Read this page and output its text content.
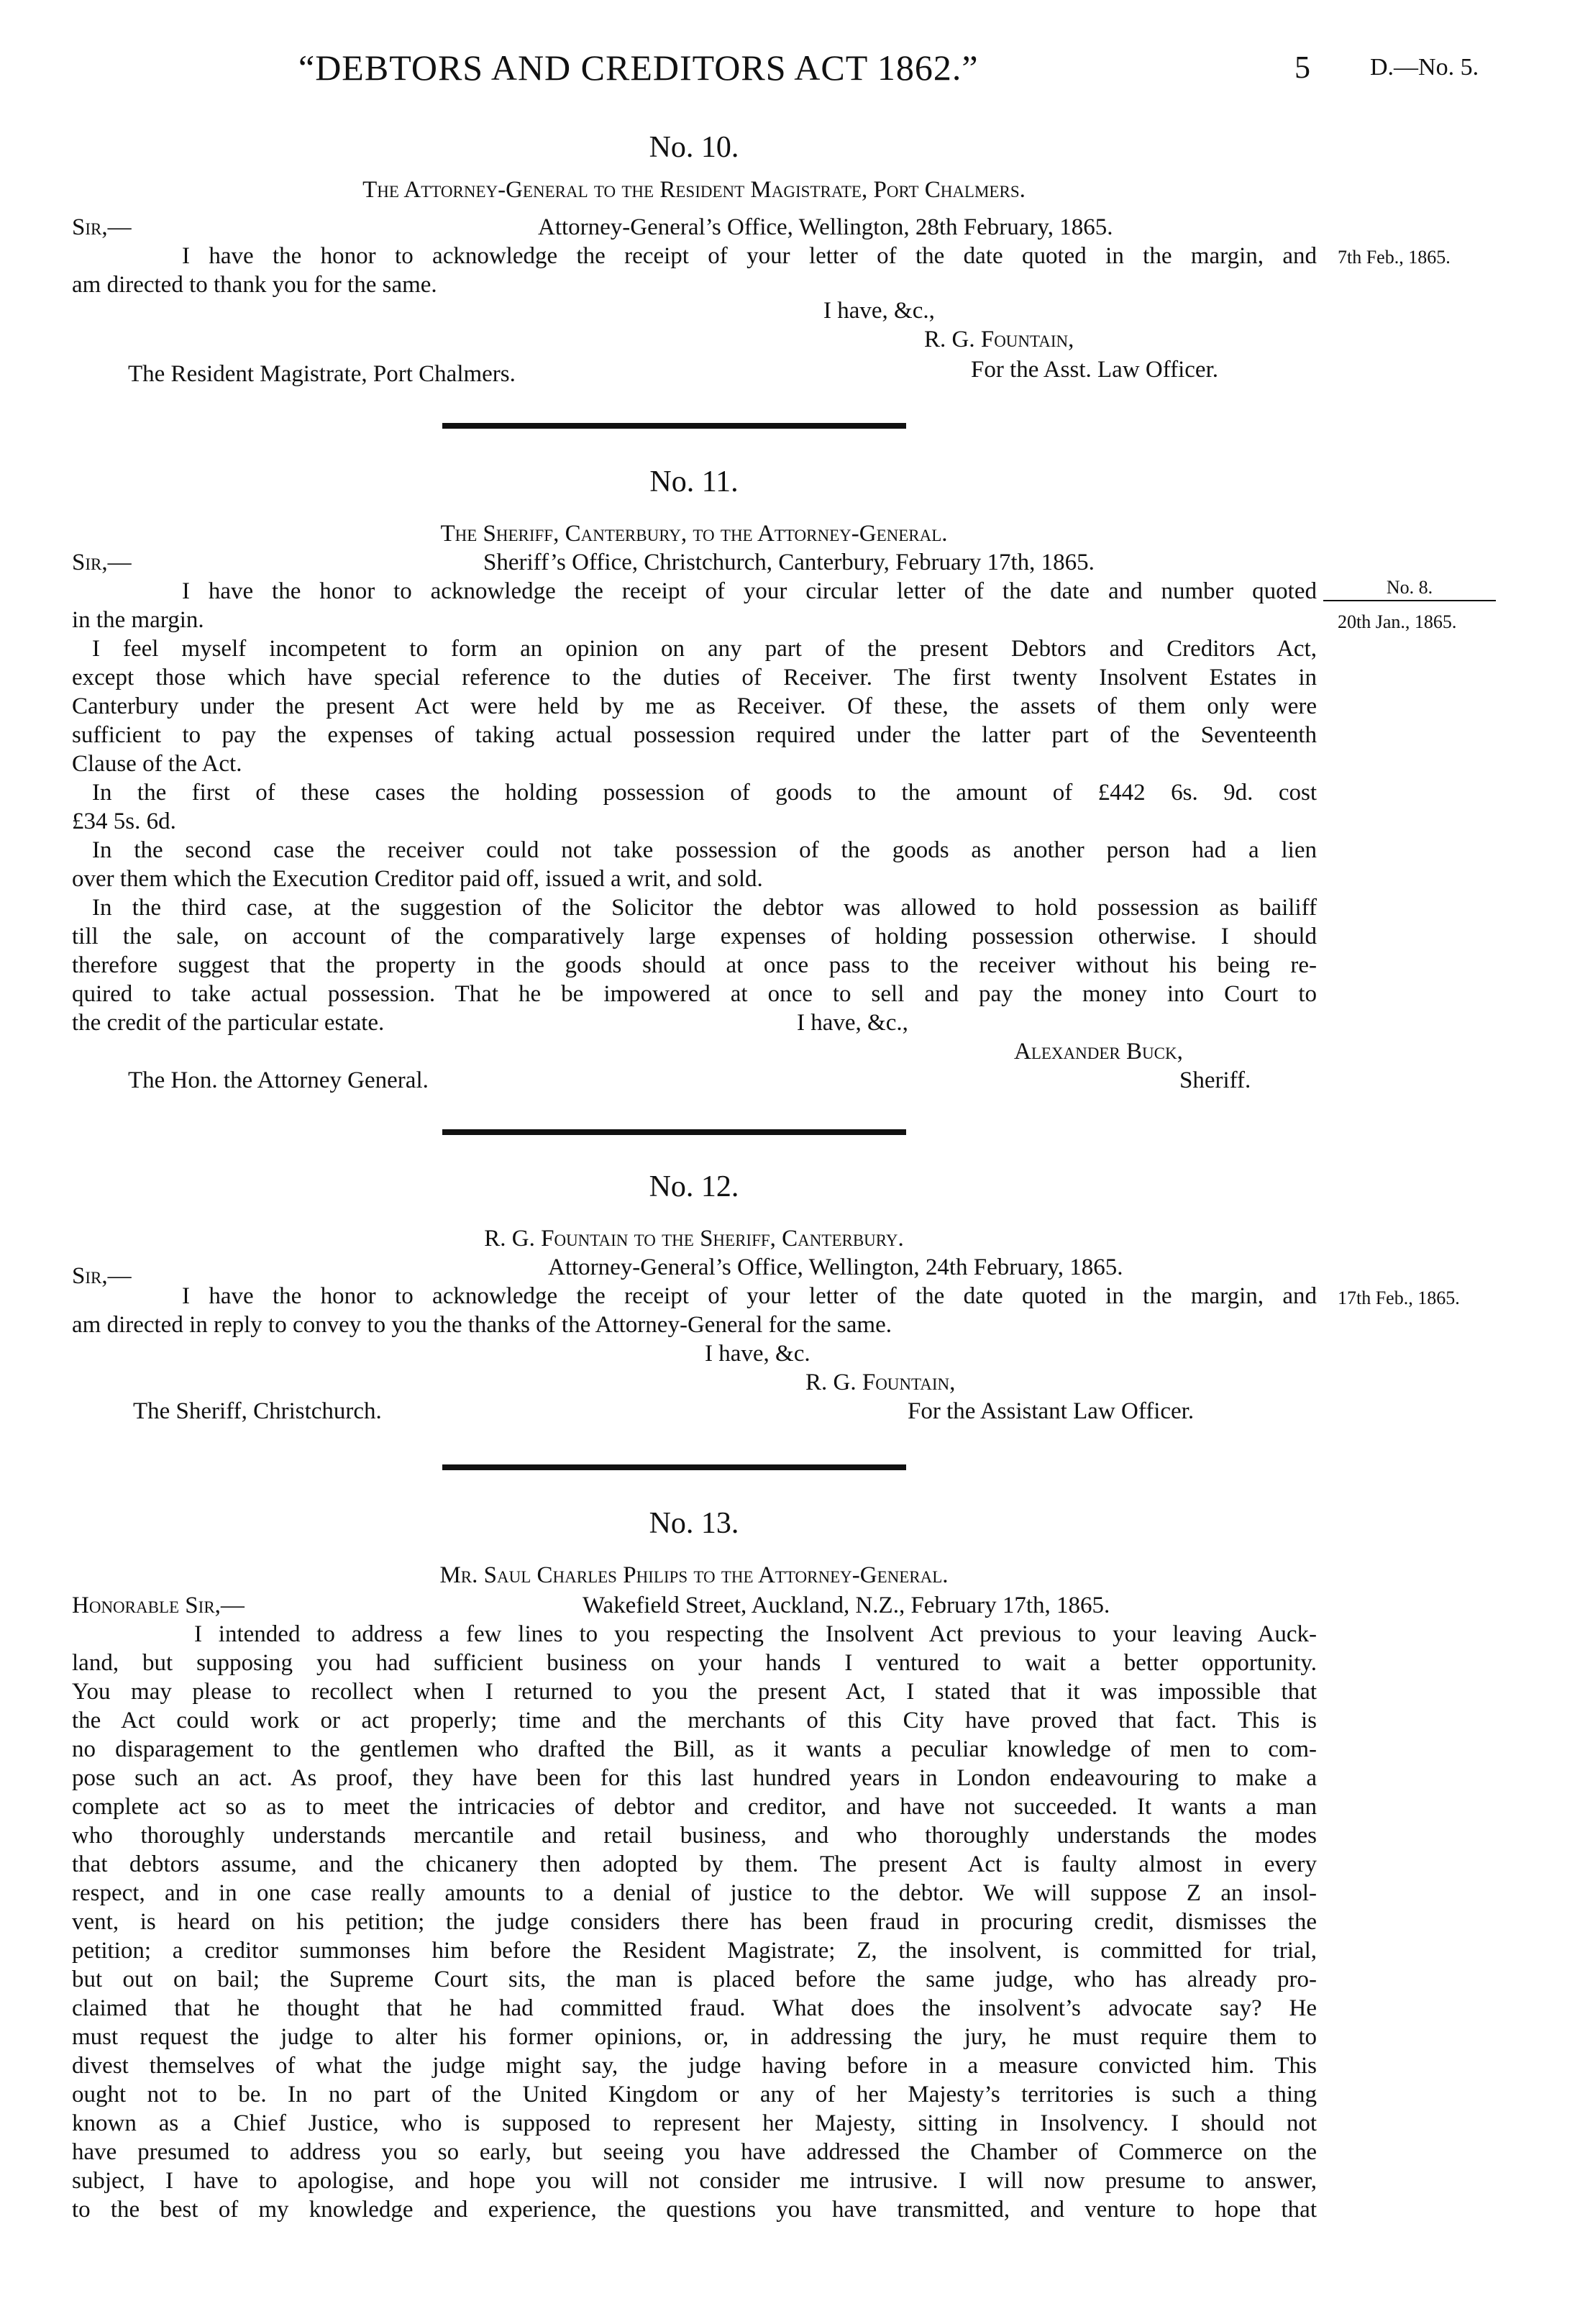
“DEBTORS AND CREDITORS ACT 1862.”	5 D.—No. 5.
No. 10.
The Attorney-General to the Resident Magistrate, Port Chalmers.
Sir,—	Attorney-General’s Office, Wellington, 28th February, 1865.
I have the honor to acknowledge the receipt of your letter of the date quoted in the margin, and
am directed to thank you for the same.
7th Feb., 1865.
I have, &c.,
R. G. Fountain,
The Resident Magistrate, Port Chalmers.	For the Asst. Law Officer.
No. 11.
The Sheriff, Canterbury, to the Attorney-General.
Sir,—	Sheriff’s Office, Christchurch, Canterbury, February 17th, 1865.
I have the honor to acknowledge the receipt of your circular letter of the date and number quoted
in the margin.
I feel myself incompetent to form an opinion on any part of the present Debtors and Creditors Act,
except those which have special reference to the duties of Receiver. The first twenty Insolvent Estates in
Canterbury under the present Act were held by me as Receiver. Of these, the assets of them only were
sufficient to pay the expenses of taking actual possession required under the latter part of the Seventeenth
Clause of the Act.
In the first of these cases the holding possession of goods to the amount of £442 6s. 9d. cost
£34 5s. 6d.
In the second case the receiver could not take possession of the goods as another person had a lien
over them which the Execution Creditor paid off, issued a writ, and sold.
In the third case, at the suggestion of the Solicitor the debtor was allowed to hold possession as bailiff
till the sale, on account of the comparatively large expenses of holding possession otherwise. I should
therefore suggest that the property in the goods should at once pass to the receiver without his being re-
quired to take actual possession. That he be impowered at once to sell and pay the money into Court to
the credit of the particular estate.	I have, &c.,
No. 8.
20th Jan., 1865.
Alexander Buck,
The Hon. the Attorney General.	Sheriff.
No. 12.
R. G. Fountain to the Sheriff, Canterbury.
Sir,—	Attorney-General’s Office, Wellington, 24th February, 1865.
I have the honor to acknowledge the receipt of your letter of the date quoted in the margin, and
am directed in reply to convey to you the thanks of the Attorney-General for the same.
17th Feb., 1865.
I have, &c.
R. G. Fountain,
The Sheriff, Christchurch.	For the Assistant Law Officer.
No. 13.
Mr. Saul Charles Philips to the Attorney-General.
Honorable Sir,—	Wakefield Street, Auckland, N.Z., February 17th, 1865.
I intended to address a few lines to you respecting the Insolvent Act previous to your leaving Auck-
land, but supposing you had sufficient business on your hands I ventured to wait a better opportunity.
You may please to recollect when I returned to you the present Act, I stated that it was impossible that
the Act could work or act properly; time and the merchants of this City have proved that fact. This is
no disparagement to the gentlemen who drafted the Bill, as it wants a peculiar knowledge of men to com-
pose such an act. As proof, they have been for this last hundred years in London endeavouring to make a
complete act so as to meet the intricacies of debtor and creditor, and have not succeeded. It wants a man
who thoroughly understands mercantile and retail business, and who thoroughly understands the modes
that debtors assume, and the chicanery then adopted by them. The present Act is faulty almost in every
respect, and in one case really amounts to a denial of justice to the debtor. We will suppose Z an insol-
vent, is heard on his petition; the judge considers there has been fraud in procuring credit, dismisses the
petition; a creditor summonses him before the Resident Magistrate; Z, the insolvent, is committed for trial,
but out on bail; the Supreme Court sits, the man is placed before the same judge, who has already pro-
claimed that he thought that he had committed fraud. What does the insolvent’s advocate say? He
must request the judge to alter his former opinions, or, in addressing the jury, he must require them to
divest themselves of what the judge might say, the judge having before in a measure convicted him. This
ought not to be. In no part of the United Kingdom or any of her Majesty’s territories is such a thing
known as a Chief Justice, who is supposed to represent her Majesty, sitting in Insolvency. I should not
have presumed to address you so early, but seeing you have addressed the Chamber of Commerce on the
subject, I have to apologise, and hope you will not consider me intrusive. I will now presume to answer,
to the best of my knowledge and experience, the questions you have transmitted, and venture to hope that
